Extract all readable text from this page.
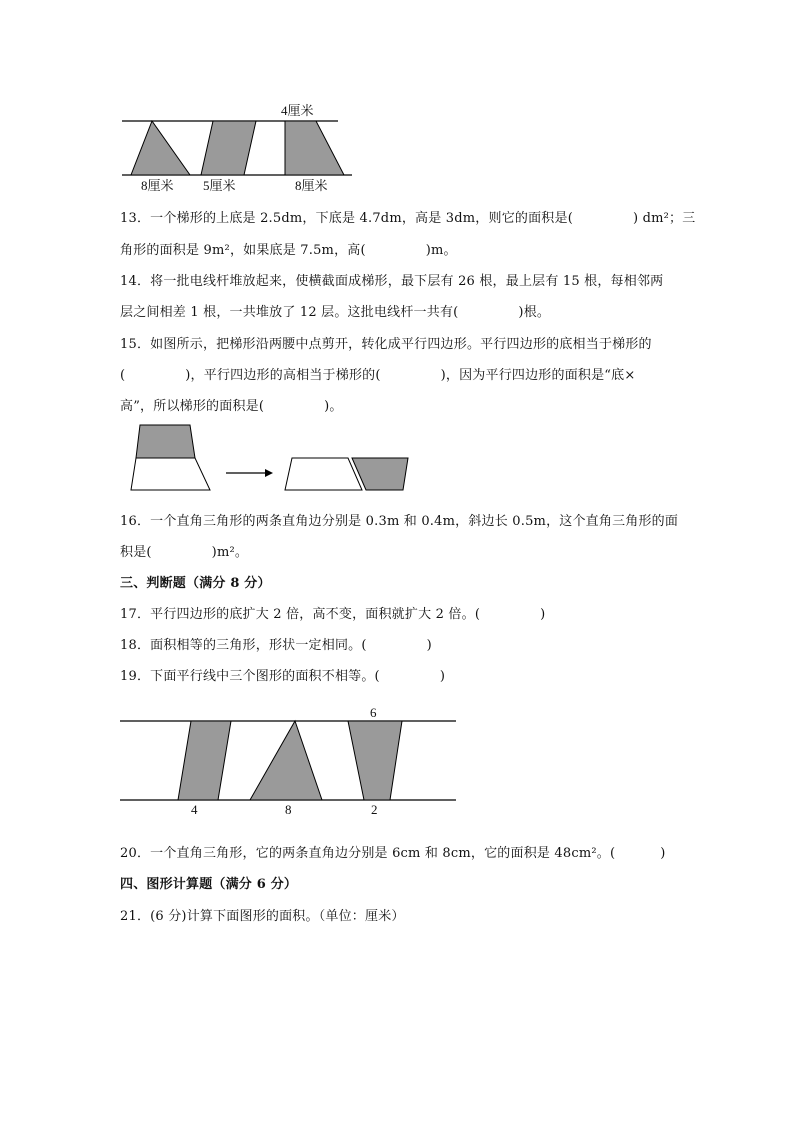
4厘米
8厘米 5厘米	8厘米
13．一个梯形的上底是 2.5dm，下底是 4.7dm，高是 3dm，则它的面积是(	) dm²；三
角形的面积是 9m²，如果底是 7.5m，高(	)m。
14．将一批电线杆堆放起来，使横截面成梯形，最下层有 26 根，最上层有 15 根，每相邻两
层之间相差 1 根，一共堆放了 12 层。这批电线杆一共有(	)根。
15．如图所示，把梯形沿两腰中点剪开，转化成平行四边形。平行四边形的底相当于梯形的
(	)，平行四边形的高相当于梯形的(	)，因为平行四边形的面积是“底×
高”，所以梯形的面积是(	)。
16．一个直角三角形的两条直角边分别是 0.3m 和 0.4m，斜边长 0.5m，这个直角三角形的面
积是(	)m²。
三、判断题（满分 8 分）
17．平行四边形的底扩大 2 倍，高不变，面积就扩大 2 倍。(	)
18．面积相等的三角形，形状一定相同。(	)
19．下面平行线中三个图形的面积不相等。(	)
6
4	8	2
20．一个直角三角形，它的两条直角边分别是 6cm 和 8cm，它的面积是 48cm²。(	)
四、图形计算题（满分 6 分）
21．(6 分)计算下面图形的面积。（单位：厘米）
